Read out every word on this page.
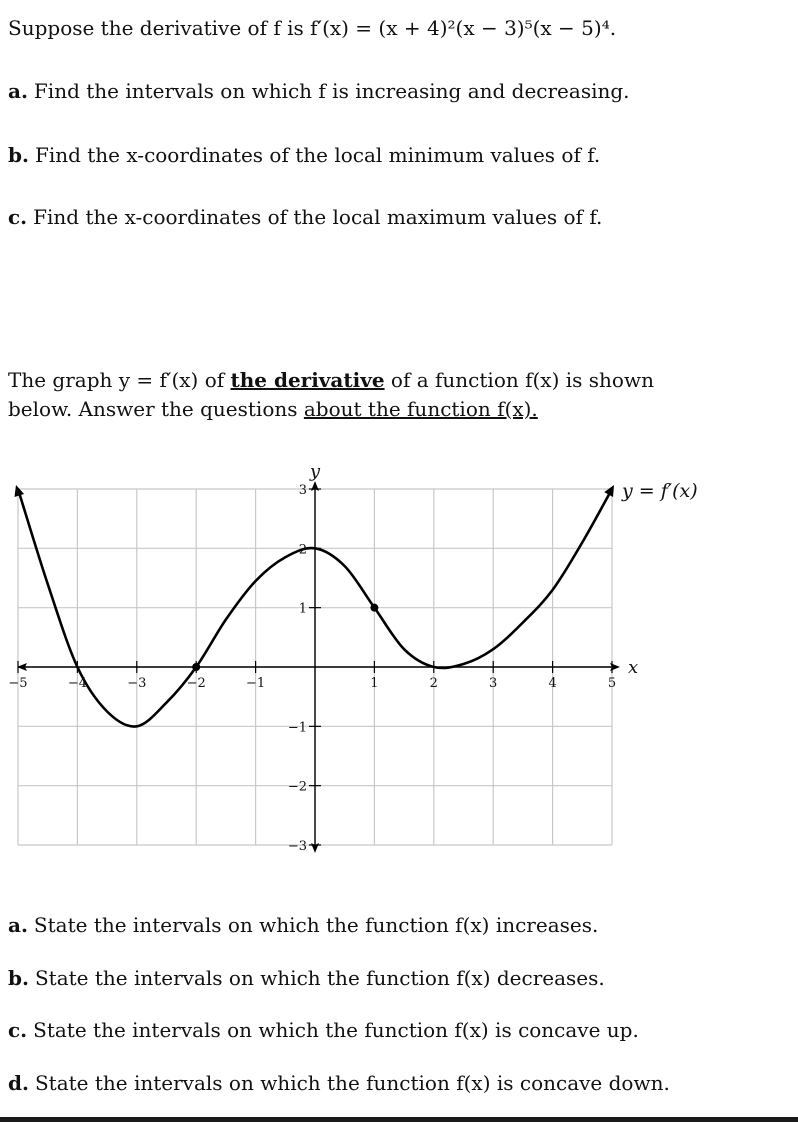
Suppose the derivative of f is f′(x) = (x + 4)²(x − 3)⁵(x − 5)⁴.
a. Find the intervals on which f is increasing and decreasing.
b. Find the x-coordinates of the local minimum values of f.
c. Find the x-coordinates of the local maximum values of f.
The graph y = f′(x) of the derivative of a function f(x) is shown
below. Answer the questions about the function f(x).
−5	−4	−3	−2	−1	1	2	3	4	5
3
2
1
−1
−2
−3
y
x
y = f′(x)
a. State the intervals on which the function f(x) increases.
b. State the intervals on which the function f(x) decreases.
c. State the intervals on which the function f(x) is concave up.
d. State the intervals on which the function f(x) is concave down.
